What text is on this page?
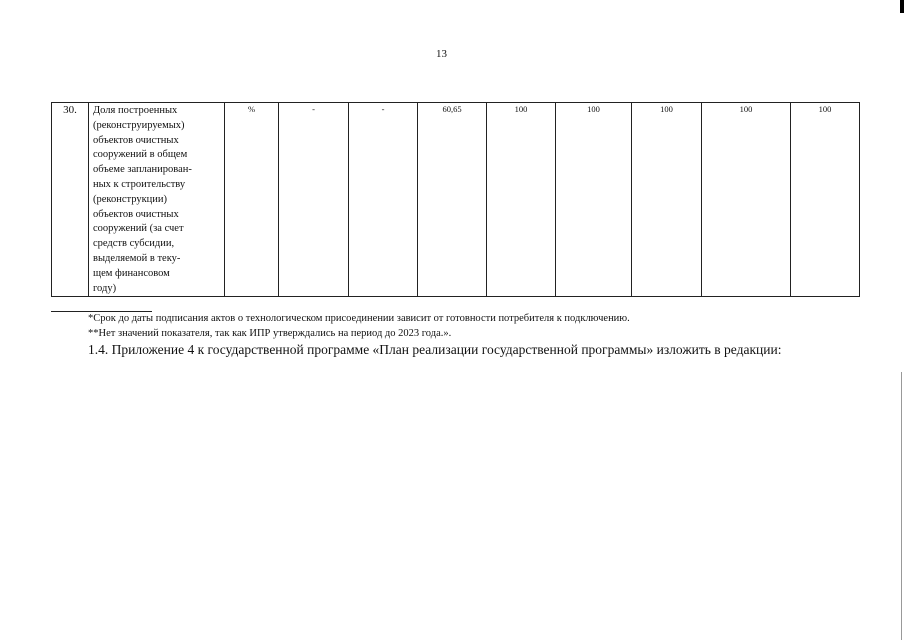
13
30.	Доля построенных
(реконструируемых)
объектов очистных
сооружений в общем
объеме запланирован-
ных к строительству
(реконструкции)
объектов очистных
сооружений (за счет
средств субсидии,
выделяемой в теку-
щем финансовом
году)
	%	-	-	60,65	100	100	100	100	100
*Срок до даты подписания актов о технологическом присоединении зависит от готовности потребителя к подключению.
**Нет значений показателя, так как ИПР утверждались на период до 2023 года.».
1.4. Приложение 4 к государственной программе «План реализации государственной программы» изложить в редакции:
